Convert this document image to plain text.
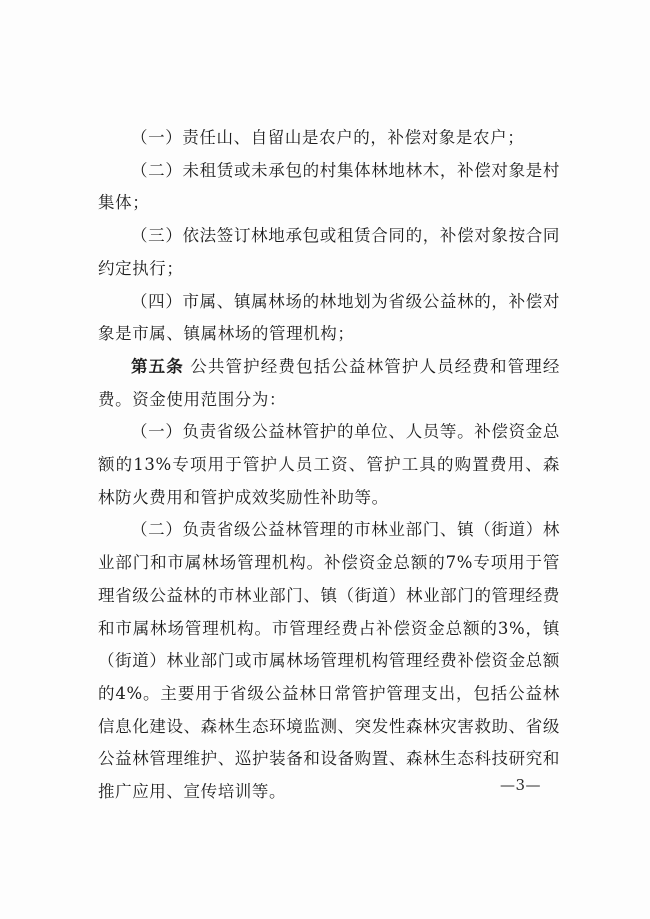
（一）责任山、自留山是农户的，补偿对象是农户；

（二）未租赁或未承包的村集体林地林木，补偿对象是村集体；

（三）依法签订林地承包或租赁合同的，补偿对象按合同约定执行；

（四）市属、镇属林场的林地划为省级公益林的，补偿对象是市属、镇属林场的管理机构；

第五条 公共管护经费包括公益林管护人员经费和管理经费。资金使用范围分为：

（一）负责省级公益林管护的单位、人员等。补偿资金总额的13%专项用于管护人员工资、管护工具的购置费用、森林防火费用和管护成效奖励性补助等。

（二）负责省级公益林管理的市林业部门、镇（街道）林业部门和市属林场管理机构。补偿资金总额的7%专项用于管理省级公益林的市林业部门、镇（街道）林业部门的管理经费和市属林场管理机构。市管理经费占补偿资金总额的3%，镇（街道）林业部门或市属林场管理机构管理经费补偿资金总额的4%。主要用于省级公益林日常管护管理支出，包括公益林信息化建设、森林生态环境监测、突发性森林灾害救助、省级公益林管理维护、巡护装备和设备购置、森林生态科技研究和推广应用、宣传培训等。	—3—
